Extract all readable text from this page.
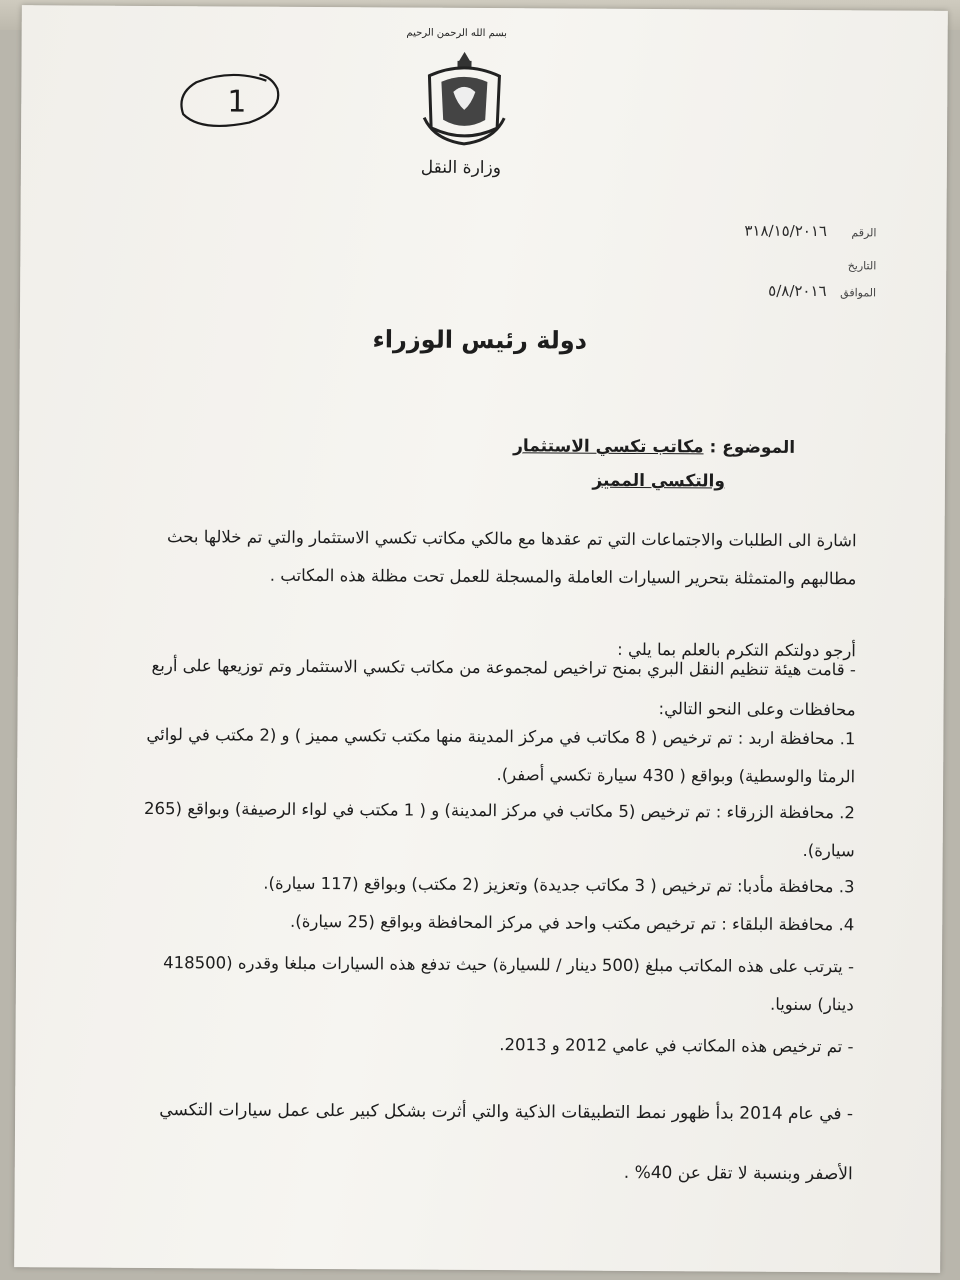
بسم الله الرحمن الرحيم
وزارة النقل
1
الرقم ٣١٨/١٥/٢٠١٦
التاريخ
الموافق ٥/٨/٢٠١٦
دولة رئيس الوزراء
الموضوع : مكاتب تكسي الاستثمار
والتكسي المميز
اشارة الى الطلبات والاجتماعات التي تم عقدها مع مالكي مكاتب تكسي الاستثمار والتي تم خلالها بحث مطالبهم والمتمثلة بتحرير السيارات العاملة والمسجلة للعمل تحت مظلة هذه المكاتب .
أرجو دولتكم التكرم بالعلم بما يلي :
- قامت هيئة تنظيم النقل البري بمنح تراخيص لمجموعة من مكاتب تكسي الاستثمار وتم توزيعها على أربع محافظات وعلى النحو التالي:
1. محافظة اربد : تم ترخيص ( 8 مكاتب في مركز المدينة منها مكتب تكسي مميز ) و (2 مكتب في لوائي الرمثا والوسطية) وبواقع ( 430 سيارة تكسي أصفر).
2. محافظة الزرقاء : تم ترخيص (5 مكاتب في مركز المدينة) و ( 1 مكتب في لواء الرصيفة) وبواقع (265 سيارة).
3. محافظة مأدبا: تم ترخيص ( 3 مكاتب جديدة) وتعزيز (2 مكتب) وبواقع (117 سيارة).
4. محافظة البلقاء : تم ترخيص مكتب واحد في مركز المحافظة وبواقع (25 سيارة).
- يترتب على هذه المكاتب مبلغ (500 دينار / للسيارة) حيث تدفع هذه السيارات مبلغا وقدره (418500 دينار) سنويا.
- تم ترخيص هذه المكاتب في عامي 2012 و 2013.
- في عام 2014 بدأ ظهور نمط التطبيقات الذكية والتي أثرت بشكل كبير على عمل سيارات التكسي الأصفر وبنسبة لا تقل عن 40% .
